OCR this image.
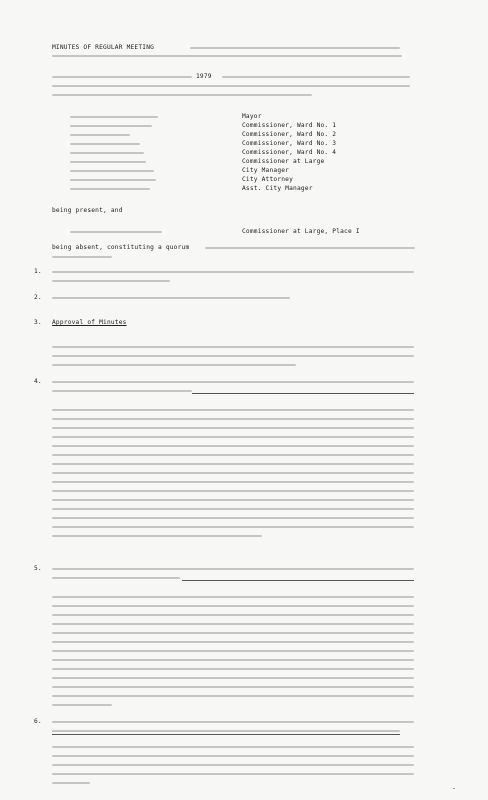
MINUTES OF REGULAR MEETING
1979
Mayor
Commissioner, Ward No. 1
Commissioner, Ward No. 2
Commissioner, Ward No. 3
Commissioner, Ward No. 4
Commissioner at Large
City Manager
City Attorney
Asst. City Manager
being present, and
Commissioner at Large, Place I
being absent, constituting a quorum
1.
2.
3. Approval of Minutes
4.
5.
6.
-
